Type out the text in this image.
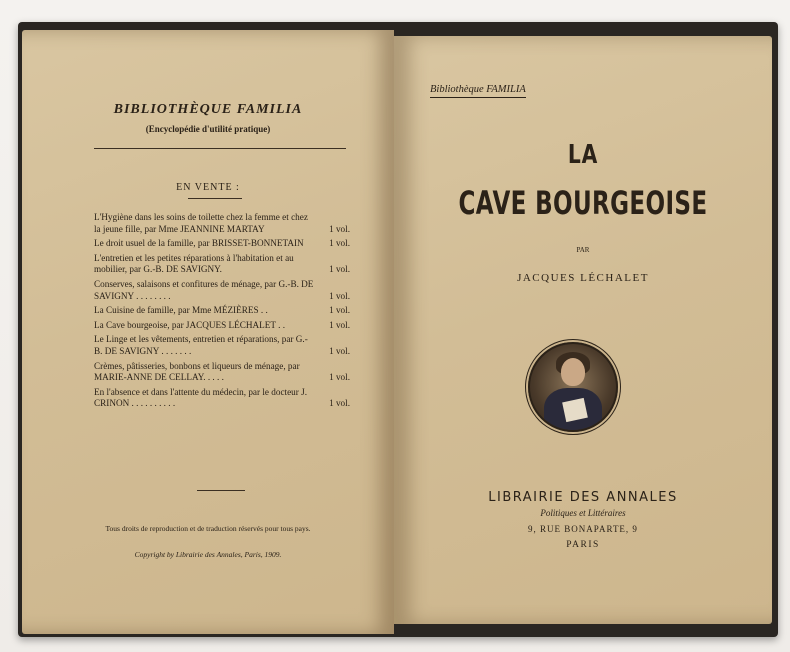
BIBLIOTHÈQUE FAMILIA
(Encyclopédie d'utilité pratique)
EN VENTE :
L'Hygiène dans les soins de toilette chez la femme et chez la jeune fille, par Mme JEANNINE MARTAY	1 vol.
Le droit usuel de la famille, par BRISSET-BONNETAIN	1 vol.
L'entretien et les petites réparations à l'habitation et au mobilier, par G.-B. DE SAVIGNY.	1 vol.
Conserves, salaisons et confitures de ménage, par G.-B. DE SAVIGNY . . . . . . . .	1 vol.
La Cuisine de famille, par Mme MÉZIÈRES . .	1 vol.
La Cave bourgeoise, par JACQUES LÉCHALET . .	1 vol.
Le Linge et les vêtements, entretien et réparations, par G.-B. DE SAVIGNY . . . . . . .	1 vol.
Crèmes, pâtisseries, bonbons et liqueurs de ménage, par MARIE-ANNE DE CELLAY. . . . .	1 vol.
En l'absence et dans l'attente du médecin, par le docteur J. CRINON . . . . . . . . . .	1 vol.
Tous droits de reproduction et de traduction réservés pour tous pays.
Copyright by Librairie des Annales, Paris, 1909.
Bibliothèque FAMILIA
LA
CAVE BOURGEOISE
PAR
JACQUES LÉCHALET
LIBRAIRIE DES ANNALES
Politiques et Littéraires
9, RUE BONAPARTE, 9
PARIS
